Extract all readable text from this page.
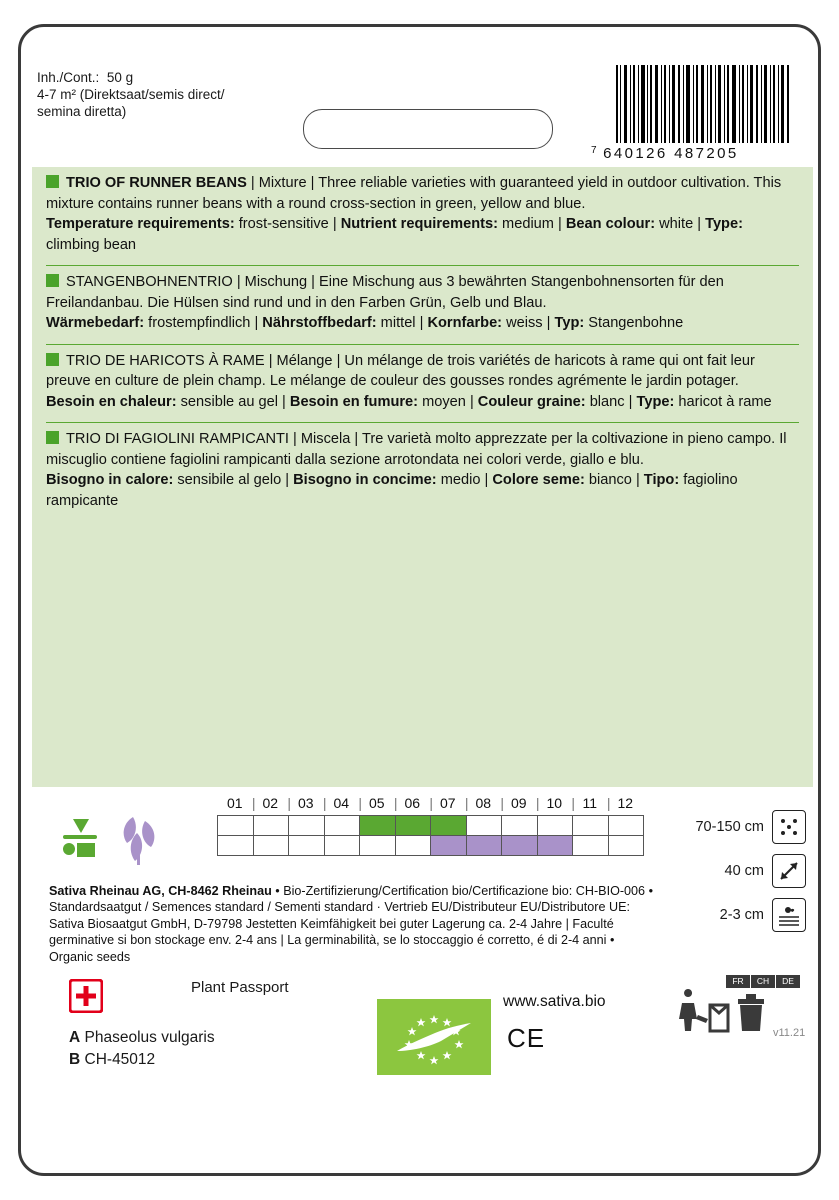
Inh./Cont.: 50 g
4-7 m² (Direktsaat/semis direct/
semina diretta)
$^7$ 640126 487205
TRIO OF RUNNER BEANS | Mixture | Three reliable varieties with guaranteed yield in outdoor cultivation. This mixture contains runner beans with a round cross-section in green, yellow and blue.
Temperature requirements: frost-sensitive | Nutrient requirements: medium | Bean colour: white | Type: climbing bean
STANGENBOHNENTRIO | Mischung | Eine Mischung aus 3 bewährten Stangenbohnensorten für den Freilandanbau. Die Hülsen sind rund und in den Farben Grün, Gelb und Blau.
Wärmebedarf: frostempfindlich | Nährstoffbedarf: mittel | Kornfarbe: weiss | Typ: Stangenbohne
TRIO DE HARICOTS À RAME | Mélange | Un mélange de trois variétés de haricots à rame qui ont fait leur preuve en culture de plein champ. Le mélange de couleur des gousses rondes agrémente le jardin potager.
Besoin en chaleur: sensible au gel | Besoin en fumure: moyen | Couleur graine: blanc | Type: haricot à rame
TRIO DI FAGIOLINI RAMPICANTI | Miscela | Tre varietà molto apprezzate per la coltivazione in pieno campo. Il miscuglio contiene fagiolini rampicanti dalla sezione arrotondata nei colori verde, giallo e blu.
Bisogno in calore: sensibile al gelo | Bisogno in concime: medio | Colore seme: bianco | Tipo: fagiolino rampicante
01 |	02 |	03 |	04 |	05 |	06 |	07 |	08 |	09 |	10 |	11 |	12

70-150 cm
40 cm
2-3 cm
Sativa Rheinau AG, CH-8462 Rheinau • Bio-Zertifizierung/Certification bio/Certificazione bio: CH-BIO-006 • Standardsaatgut / Semences standard / Sementi standard · Vertrieb EU/Distributeur EU/Distributore UE: Sativa Biosaatgut GmbH, D-79798 Jestetten Keimfähigkeit bei guter Lagerung ca. 2-4 Jahre | Faculté germinative si bon stockage env. 2-4 ans | La germinabilità, se lo stoccaggio é corretto, é di 2-4 anni • Organic seeds
Plant Passport
A Phaseolus vulgaris
B CH-45012
www.sativa.bio
CE	v11.21
FR	CH	DE
